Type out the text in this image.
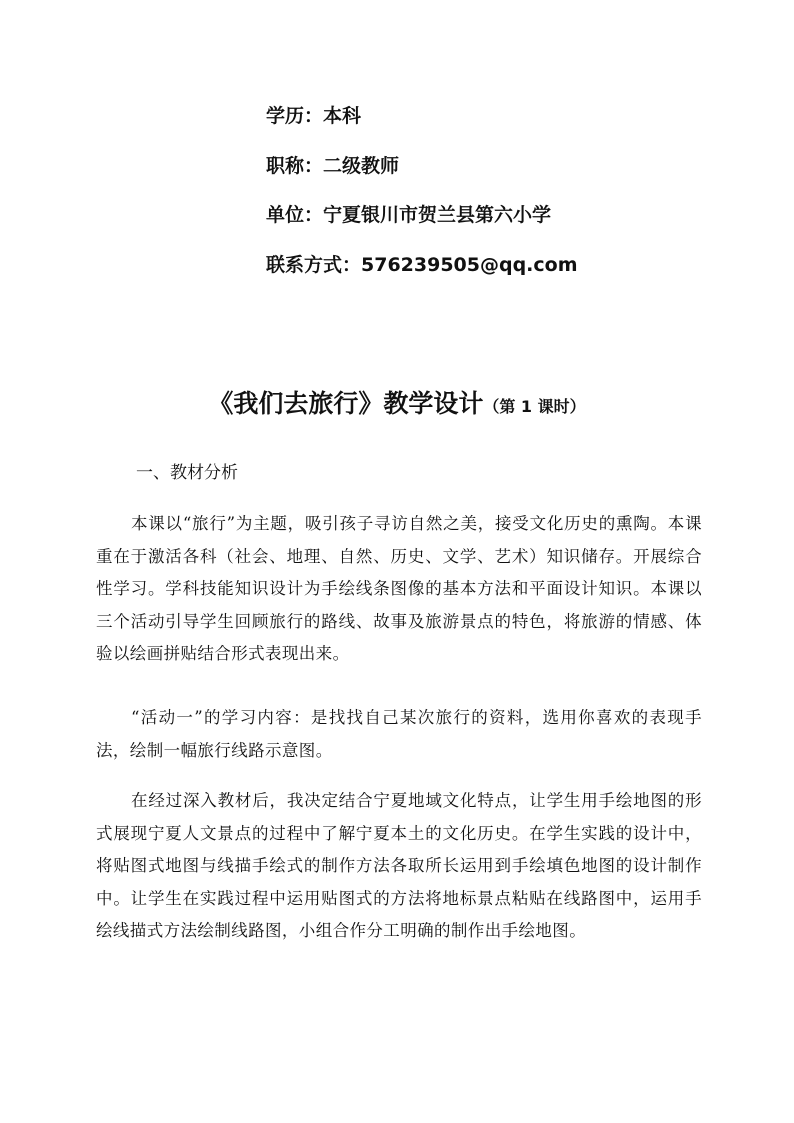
学历：本科
职称：二级教师
单位：宁夏银川市贺兰县第六小学
联系方式：576239505@qq.com
《我们去旅行》教学设计（第 1 课时）
一、教材分析

本课以“旅行”为主题，吸引孩子寻访自然之美，接受文化历史的熏陶。本课重在于激活各科（社会、地理、自然、历史、文学、艺术）知识储存。开展综合性学习。学科技能知识设计为手绘线条图像的基本方法和平面设计知识。本课以三个活动引导学生回顾旅行的路线、故事及旅游景点的特色，将旅游的情感、体验以绘画拼贴结合形式表现出来。

“活动一”的学习内容：是找找自己某次旅行的资料，选用你喜欢的表现手法，绘制一幅旅行线路示意图。

在经过深入教材后，我决定结合宁夏地域文化特点，让学生用手绘地图的形式展现宁夏人文景点的过程中了解宁夏本土的文化历史。在学生实践的设计中，将贴图式地图与线描手绘式的制作方法各取所长运用到手绘填色地图的设计制作中。让学生在实践过程中运用贴图式的方法将地标景点粘贴在线路图中，运用手绘线描式方法绘制线路图，小组合作分工明确的制作出手绘地图。
